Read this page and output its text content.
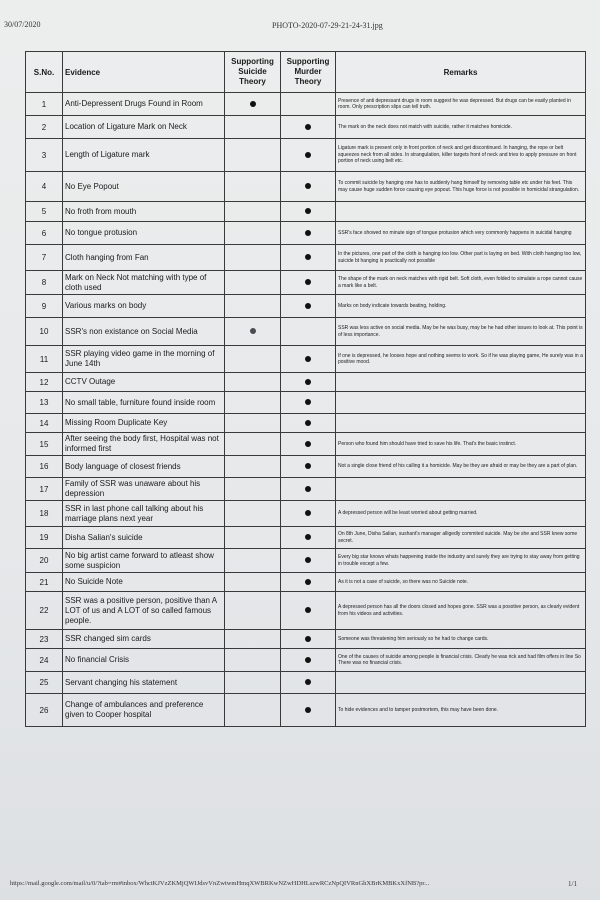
30/07/2020	PHOTO-2020-07-29-21-24-31.jpg
S.No.	Evidence	Supporting Suicide Theory	Supporting Murder Theory	Remarks
1	Anti-Depressent Drugs Found in Room			Presence of anti depressant drugs in room suggest he was depressed. But drugs can be easily planted in room. Only prescription slips can tell truth.
2	Location of Ligature Mark on Neck			The mark on the neck does not match with suicide, rather it matches homicide.
3	Length of Ligature mark			Ligature mark is present only in front portion of neck and get discontinued. In hanging, the rope or belt squeezes neck from all sides. In strangulation, killer targets front of neck and tries to apply pressure on front portion of neck using belt etc.
4	No Eye Popout			To commit suicide by hanging one has to suddenly hang himself by removing table etc under his feet. This may cause huge sudden force causing eye popout. This huge force is not possible in homicidal strangulation.
5	No froth from mouth			
6	No tongue protusion			SSR's face showed no minute sign of tongue protusion which very commonly happens in suicidal hanging
7	Cloth hanging from Fan			In the pictures, one part of the cloth is hanging too low. Other part is laying on bed. With cloth hanging too low, suicide bt hanging is practically not possible
8	Mark on Neck Not matching with type of cloth used			The shape of the mark on neck matches with rigid belt. Soft cloth, even folded to simulate a rope cannot cause a mark like a belt.
9	Various marks on body			Marks on body indicate towards beating, holding.
10	SSR's non existance on Social Media			SSR was less active on social media. May be he was busy, may be he had other issues to look at. This point is of less importance.
11	SSR playing video game in the morning of June 14th			If one is depressed, he looses hope and nothing seems to work. So if he was playing game, He surely was in a positive mood.
12	CCTV Outage			
13	No small table, furniture found inside room			
14	Missing Room Duplicate Key			
15	After seeing the body first, Hospital was not informed first			Person who found him should have tried to save his life. That's the basic instinct.
16	Body language of closest friends			Not a single close friend of his calling it a homicide. May be they are afraid or may be they are a part of plan.
17	Family of SSR was unaware about his depression			
18	SSR in last phone call talking about his marriage plans next year			A depressed person will be least worried about getting married.
19	Disha Salian's suicide			On 8th June, Disha Salian, sushant's manager alligedly commited suicide. May be she and SSR knew some secret.
20	No big artist came forward to atleast show some suspicion			Every big star knows whats happening inside the industry and surely they are trying to stay away from getting in trouble except a few.
21	No Suicide Note			As it is not a case of suicide, so there was no Suicide note.
22	SSR was a positive person, positive than A LOT of us and A LOT of so called famous people.			A depressed person has all the doors closed and hopes gone. SSR was a posotive person, as clearly evident from his videos and activities.
23	SSR changed sim cards			Someone was threatening him seriously so he had to change cards.
24	No financial Crisis			One of the causes of suicide among people is financial crisis. Clearly he was rick and had film offers in line So There was no financial crisis.
25	Servant changing his statement			
26	Change of ambulances and preference given to Cooper hospital			To hide evidences and to tamper postmortem, this may have been done.
https://mail.google.com/mail/u/0/?tab=rm#inbox/WhctKJVzZKMjQWIJdsvVnZwtwmHmqXWBRKwNZwHDHLszwRCzNpQIVRnGhXBrKMBKxXfNB?pr...	1/1
